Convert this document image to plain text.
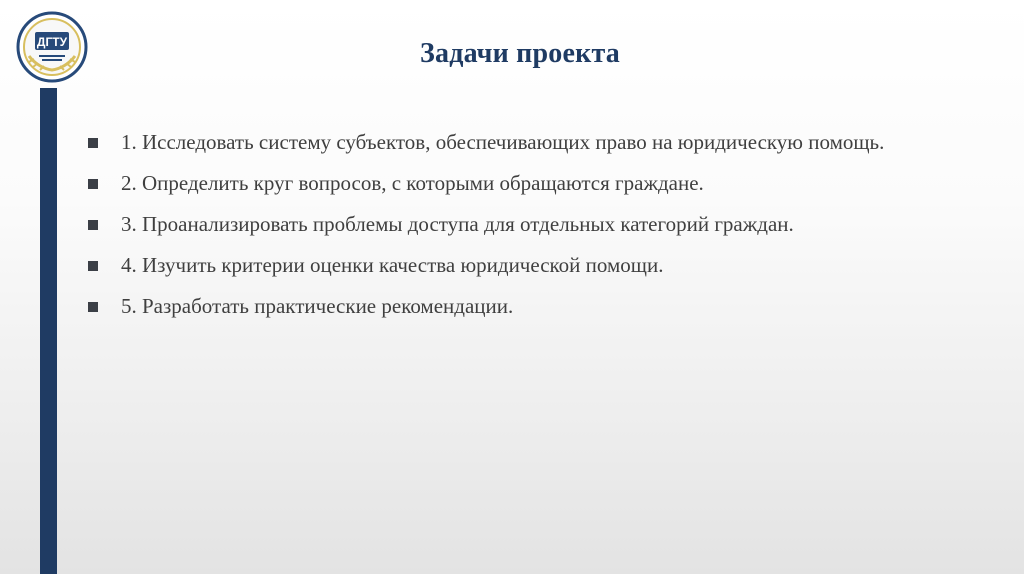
ДГТУ	Задачи проекта
1. Исследовать систему субъектов, обеспечивающих право на юридическую помощь.
2. Определить круг вопросов, с которыми обращаются граждане.
3. Проанализировать проблемы доступа для отдельных категорий граждан.
4. Изучить критерии оценки качества юридической помощи.
5. Разработать практические рекомендации.
